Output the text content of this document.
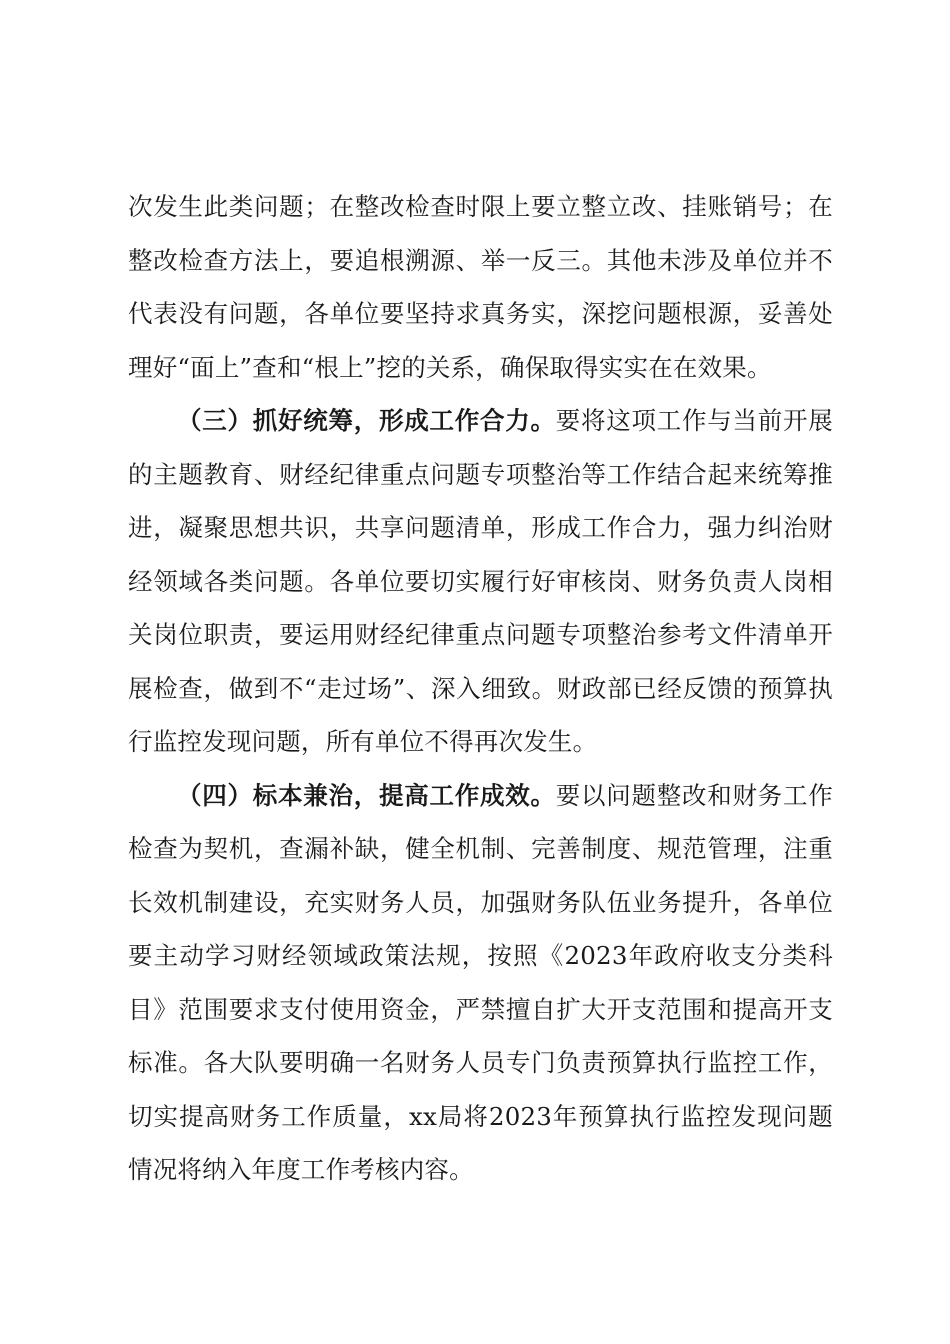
次发生此类问题；在整改检查时限上要立整立改、挂账销号；在整改检查方法上，要追根溯源、举一反三。其他未涉及单位并不代表没有问题，各单位要坚持求真务实，深挖问题根源，妥善处理好“面上”查和“根上”挖的关系，确保取得实实在在效果。

（三）抓好统筹，形成工作合力。要将这项工作与当前开展的主题教育、财经纪律重点问题专项整治等工作结合起来统筹推进，凝聚思想共识，共享问题清单，形成工作合力，强力纠治财经领域各类问题。各单位要切实履行好审核岗、财务负责人岗相关岗位职责，要运用财经纪律重点问题专项整治参考文件清单开展检查，做到不“走过场”、深入细致。财政部已经反馈的预算执行监控发现问题，所有单位不得再次发生。

（四）标本兼治，提高工作成效。要以问题整改和财务工作检查为契机，查漏补缺，健全机制、完善制度、规范管理，注重长效机制建设，充实财务人员，加强财务队伍业务提升，各单位要主动学习财经领域政策法规，按照《2023年政府收支分类科目》范围要求支付使用资金，严禁擅自扩大开支范围和提高开支标准。各大队要明确一名财务人员专门负责预算执行监控工作，切实提高财务工作质量，xx局将2023年预算执行监控发现问题情况将纳入年度工作考核内容。
